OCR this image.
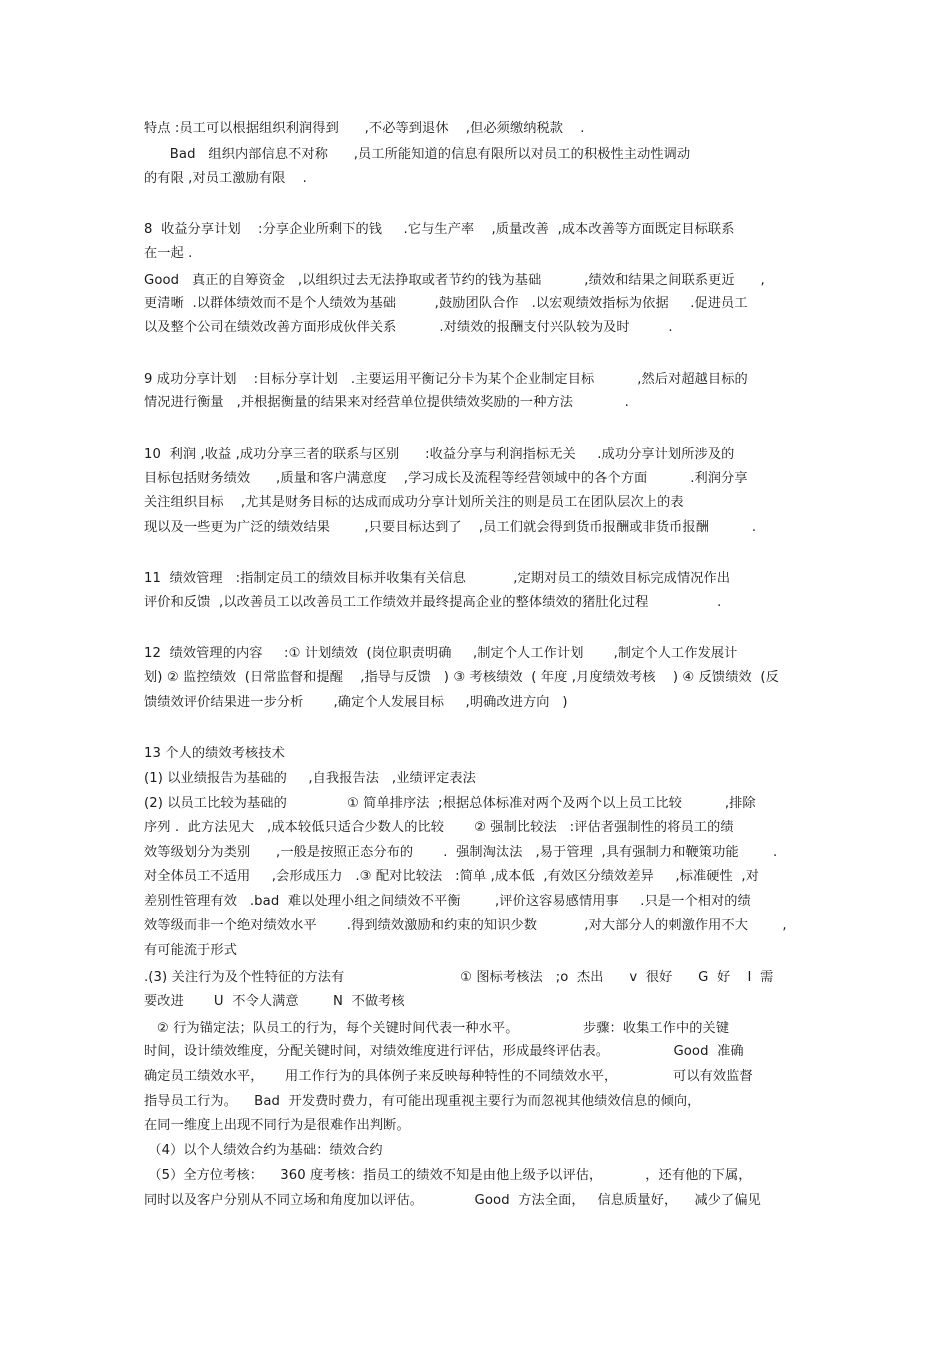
特点 :员工可以根据组织利润得到      ,不必等到退休    ,但必须缴纳税款    .
Bad   组织内部信息不对称      ,员工所能知道的信息有限所以对员工的积极性主动性调动
的有限 ,对员工激励有限    .
8  收益分享计划    :分享企业所剩下的钱     .它与生产率    ,质量改善  ,成本改善等方面既定目标联系
在一起 .
Good   真正的自筹资金   ,以组织过去无法挣取或者节约的钱为基础          ,绩效和结果之间联系更近      ,
更清晰  .以群体绩效而不是个人绩效为基础         ,鼓励团队合作   .以宏观绩效指标为依据     .促进员工
以及整个公司在绩效改善方面形成伙伴关系          .对绩效的报酬支付兴队较为及时         .
9 成功分享计划    :目标分享计划   .主要运用平衡记分卡为某个企业制定目标          ,然后对超越目标的
情况进行衡量   ,并根据衡量的结果来对经营单位提供绩效奖励的一种方法            .
10  利润 ,收益 ,成功分享三者的联系与区别      :收益分享与利润指标无关     .成功分享计划所涉及的
目标包括财务绩效      ,质量和客户满意度    ,学习成长及流程等经营领域中的各个方面          .利润分享
关注组织目标    ,尤其是财务目标的达成而成功分享计划所关注的则是员工在团队层次上的表
现以及一些更为广泛的绩效结果        ,只要目标达到了    ,员工们就会得到货币报酬或非货币报酬          .
11  绩效管理   :指制定员工的绩效目标并收集有关信息           ,定期对员工的绩效目标完成情况作出
评价和反馈  ,以改善员工以改善员工工作绩效并最终提高企业的整体绩效的猪肚化过程                .
12  绩效管理的内容     :① 计划绩效  (岗位职责明确     ,制定个人工作计划       ,制定个人工作发展计
划) ② 监控绩效  (日常监督和提醒    ,指导与反馈   ) ③ 考核绩效  ( 年度 ,月度绩效考核    ) ④ 反馈绩效  (反
馈绩效评价结果进一步分析       ,确定个人发展目标     ,明确改进方向   )
13 个人的绩效考核技术
(1) 以业绩报告为基础的     ,自我报告法   ,业绩评定表法
(2) 以员工比较为基础的              ① 简单排序法  ;根据总体标准对两个及两个以上员工比较          ,排除
序列 .  此方法见大   ,成本较低只适合少数人的比较       ② 强制比较法   :评估者强制性的将员工的绩
效等级划分为类别      ,一般是按照正态分布的       .  强制淘汰法   ,易于管理  ,具有强制力和鞭策功能        .
对全体员工不适用     ,会形成压力   .③ 配对比较法   :简单 ,成本低  ,有效区分绩效差异     ,标准硬性  ,对
差别性管理有效   .bad  难以处理小组之间绩效不平衡        ,评价这容易感情用事     .只是一个相对的绩
效等级而非一个绝对绩效水平       .得到绩效激励和约束的知识少数           ,对大部分人的刺激作用不大        ,
有可能流于形式
.(3) 关注行为及个性特征的方法有                           ① 图标考核法   ;o  杰出      v  很好      G  好    I  需
要改进       U  不令人满意        N  不做考核
② 行为锚定法；队员工的行为，每个关键时间代表一种水平。               步骤：收集工作中的关键
时间，设计绩效维度，分配关键时间，对绩效维度进行评估，形成最终评估表。               Good  准确
确定员工绩效水平，     用工作行为的具体例子来反映每种特性的不同绩效水平，             可以有效监督
指导员工行为。    Bad  开发费时费力，有可能出现重视主要行为而忽视其他绩效信息的倾向，
在同一维度上出现不同行为是很难作出判断。
（4）以个人绩效合约为基础：绩效合约
（5）全方位考核：    360 度考核：指员工的绩效不知是由他上级予以评估，          ，还有他的下属，
同时以及客户分别从不同立场和角度加以评估。            Good  方法全面，   信息质量好，    减少了偏见
